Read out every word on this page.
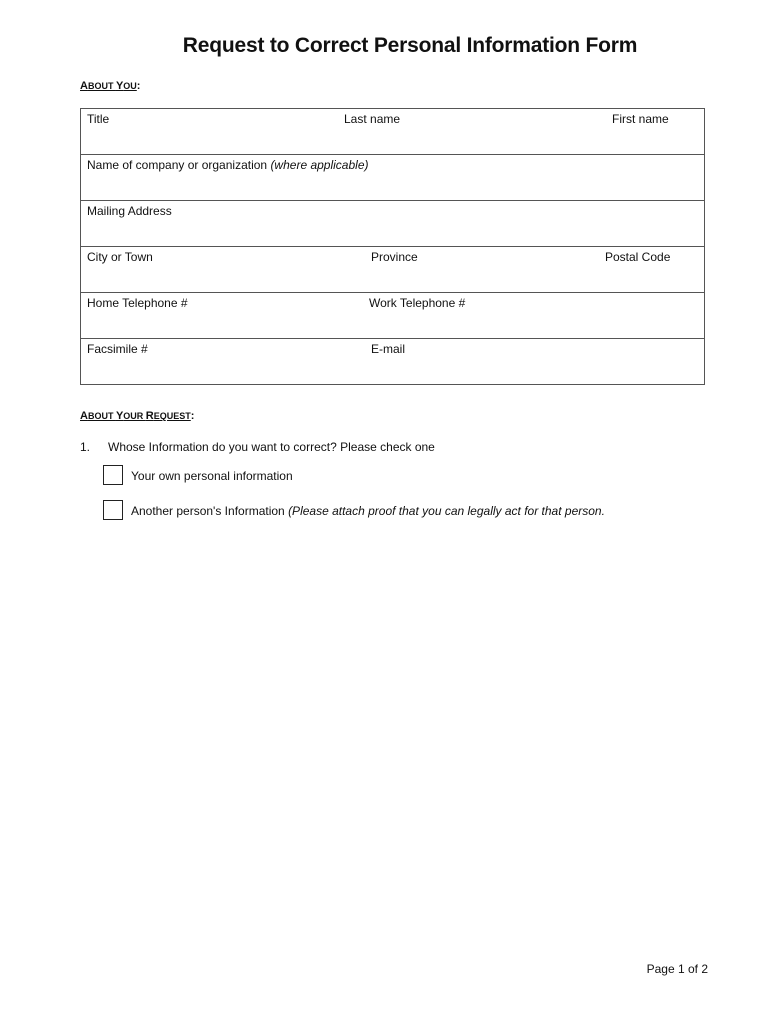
Request to Correct Personal Information Form
ABOUT YOU:
Title	Last name	First name
Name of company or organization (where applicable)
Mailing Address
City or Town	Province	Postal Code
Home Telephone #	Work Telephone #
Facsimile #	E-mail
ABOUT YOUR REQUEST:
1. Whose Information do you want to correct? Please check one
Your own personal information
Another person's Information (Please attach proof that you can legally act for that person.
Page 1 of 2
